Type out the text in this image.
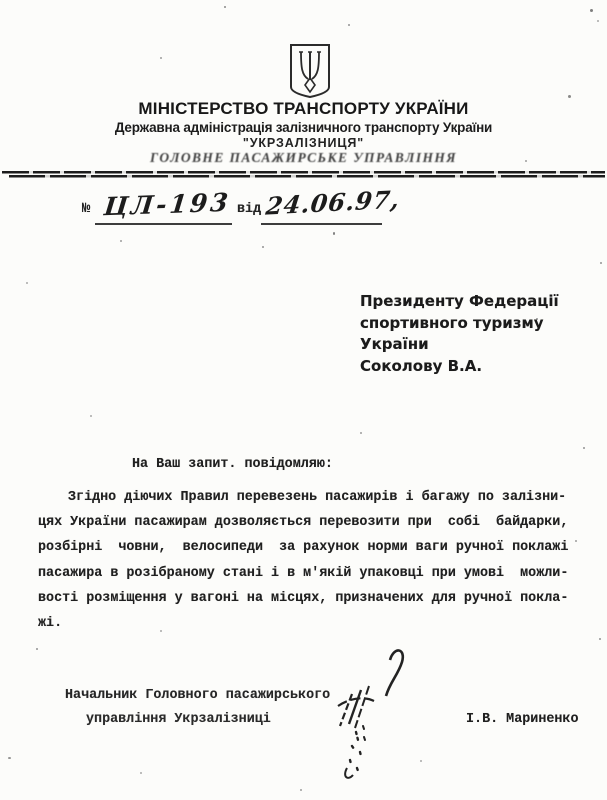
МІНІСТЕРСТВО ТРАНСПОРТУ УКРАЇНИ
Державна адміністрація залізничного транспорту України
"УКРЗАЛІЗНИЦЯ"
ГОЛОВНЕ ПАСАЖИРСЬКЕ УПРАВЛІННЯ
№ ЦЛ-193 від 24.06.97,
Президенту Федерації
спортивного туризму
України
Соколову В.А.
На Ваш запит. повідомляю:
Згідно діючих Правил перевезень пасажирів і багажу по залізни-
цях України пасажирам дозволяється перевозити при  собі  байдарки,
розбірні  човни,  велосипеди  за рахунок норми ваги ручної поклажі
пасажира в розібраному стані і в м'якій упаковці при умові  можли-
вості розміщення у вагоні на місцях, призначених для ручної покла-
жі.
Начальник Головного пасажирського
управління Укрзалізниці	І.В. Мариненко
